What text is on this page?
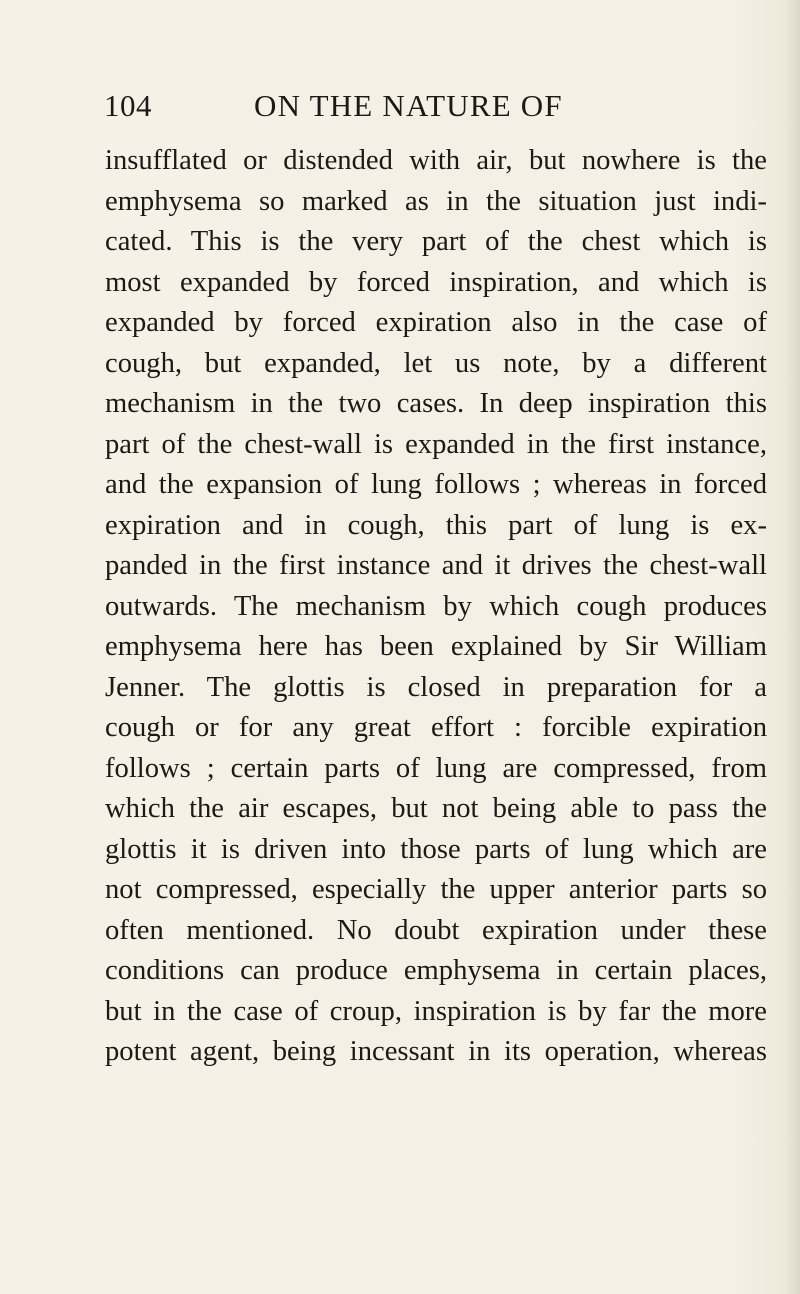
104	ON THE NATURE OF
insufflated or distended with air, but nowhere is the
emphysema so marked as in the situation just indi-
cated. This is the very part of the chest which is
most expanded by forced inspiration, and which is
expanded by forced expiration also in the case of
cough, but expanded, let us note, by a different
mechanism in the two cases. In deep inspiration this
part of the chest-wall is expanded in the first instance,
and the expansion of lung follows ; whereas in forced
expiration and in cough, this part of lung is ex-
panded in the first instance and it drives the chest-wall
outwards. The mechanism by which cough produces
emphysema here has been explained by Sir William
Jenner. The glottis is closed in preparation for a
cough or for any great effort : forcible expiration
follows ; certain parts of lung are compressed, from
which the air escapes, but not being able to pass the
glottis it is driven into those parts of lung which are
not compressed, especially the upper anterior parts so
often mentioned. No doubt expiration under these
conditions can produce emphysema in certain places,
but in the case of croup, inspiration is by far the more
potent agent, being incessant in its operation, whereas
